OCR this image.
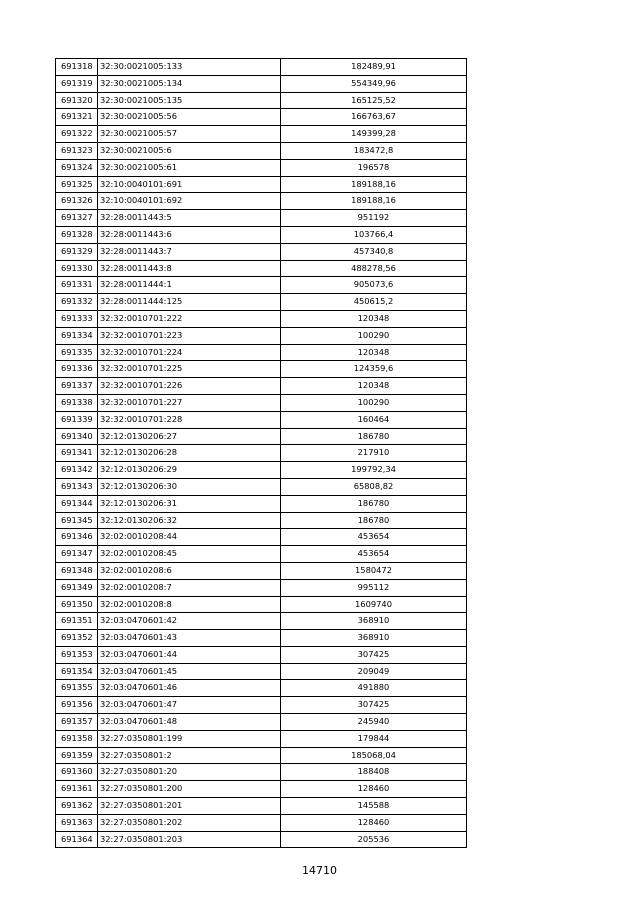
691318	32:30:0021005:133	182489,91
691319	32:30:0021005:134	554349,96
691320	32:30:0021005:135	165125,52
691321	32:30:0021005:56	166763,67
691322	32:30:0021005:57	149399,28
691323	32:30:0021005:6	183472,8
691324	32:30:0021005:61	196578
691325	32:10:0040101:691	189188,16
691326	32:10:0040101:692	189188,16
691327	32:28:0011443:5	951192
691328	32:28:0011443:6	103766,4
691329	32:28:0011443:7	457340,8
691330	32:28:0011443:8	488278,56
691331	32:28:0011444:1	905073,6
691332	32:28:0011444:125	450615,2
691333	32:32:0010701:222	120348
691334	32:32:0010701:223	100290
691335	32:32:0010701:224	120348
691336	32:32:0010701:225	124359,6
691337	32:32:0010701:226	120348
691338	32:32:0010701:227	100290
691339	32:32:0010701:228	160464
691340	32:12:0130206:27	186780
691341	32:12:0130206:28	217910
691342	32:12:0130206:29	199792,34
691343	32:12:0130206:30	65808,82
691344	32:12:0130206:31	186780
691345	32:12:0130206:32	186780
691346	32:02:0010208:44	453654
691347	32:02:0010208:45	453654
691348	32:02:0010208:6	1580472
691349	32:02:0010208:7	995112
691350	32:02:0010208:8	1609740
691351	32:03:0470601:42	368910
691352	32:03:0470601:43	368910
691353	32:03:0470601:44	307425
691354	32:03:0470601:45	209049
691355	32:03:0470601:46	491880
691356	32:03:0470601:47	307425
691357	32:03:0470601:48	245940
691358	32:27:0350801:199	179844
691359	32:27:0350801:2	185068,04
691360	32:27:0350801:20	188408
691361	32:27:0350801:200	128460
691362	32:27:0350801:201	145588
691363	32:27:0350801:202	128460
691364	32:27:0350801:203	205536
14710
